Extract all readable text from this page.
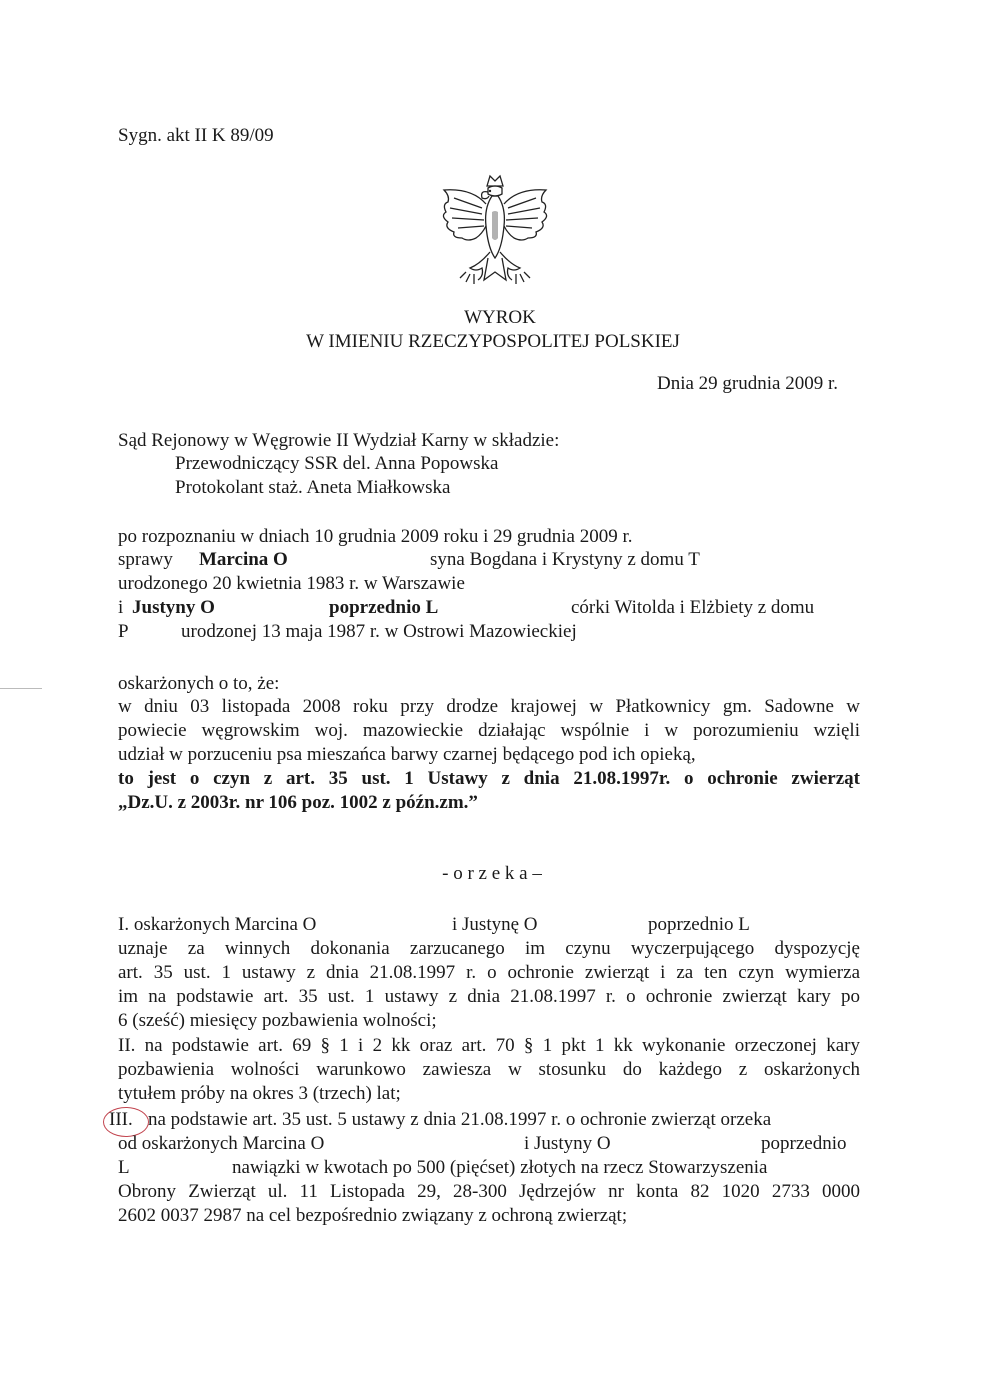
Sygn. akt II K 89/09
WYROK
W IMIENIU RZECZYPOSPOLITEJ POLSKIEJ
Dnia 29 grudnia 2009 r.
Sąd Rejonowy w Węgrowie II Wydział Karny w składzie:
Przewodniczący SSR del. Anna Popowska
Protokolant staż. Aneta Miałkowska
po rozpoznaniu w dniach 10 grudnia 2009 roku i 29 grudnia 2009 r.
sprawy Marcina O	syna Bogdana i Krystyny z domu T
urodzonego 20 kwietnia 1983 r. w Warszawie
i Justyny O	poprzednio L	córki Witolda i Elżbiety z domu
P	urodzonej 13 maja 1987 r. w Ostrowi Mazowieckiej
oskarżonych o to, że:
w dniu 03 listopada 2008 roku przy drodze krajowej w Płatkownicy gm. Sadowne w
powiecie węgrowskim woj. mazowieckie działając wspólnie i w porozumieniu wzięli
udział w porzuceniu psa mieszańca barwy czarnej będącego pod ich opieką,
to jest o czyn z art. 35 ust. 1 Ustawy z dnia 21.08.1997r. o ochronie zwierząt
„Dz.U. z 2003r. nr 106 poz. 1002 z późn.zm.”
- o r z e k a –
I. oskarżonych Marcina O	i Justynę O	poprzednio L
uznaje za winnych dokonania zarzucanego im czynu wyczerpującego dyspozycję
art. 35 ust. 1 ustawy z dnia 21.08.1997 r. o ochronie zwierząt i za ten czyn wymierza
im na podstawie art. 35 ust. 1 ustawy z dnia 21.08.1997 r. o ochronie zwierząt kary po
6 (sześć) miesięcy pozbawienia wolności;
II. na podstawie art. 69 § 1 i 2 kk oraz art. 70 § 1 pkt 1 kk wykonanie orzeczonej kary
pozbawienia wolności warunkowo zawiesza w stosunku do każdego z oskarżonych
tytułem próby na okres 3 (trzech) lat;
III. na podstawie art. 35 ust. 5 ustawy z dnia 21.08.1997 r. o ochronie zwierząt orzeka
od oskarżonych Marcina O	i Justyny O	poprzednio
L	nawiązki w kwotach po 500 (pięćset) złotych na rzecz Stowarzyszenia
Obrony Zwierząt ul. 11 Listopada 29, 28-300 Jędrzejów nr konta 82 1020 2733 0000
2602 0037 2987 na cel bezpośrednio związany z ochroną zwierząt;
